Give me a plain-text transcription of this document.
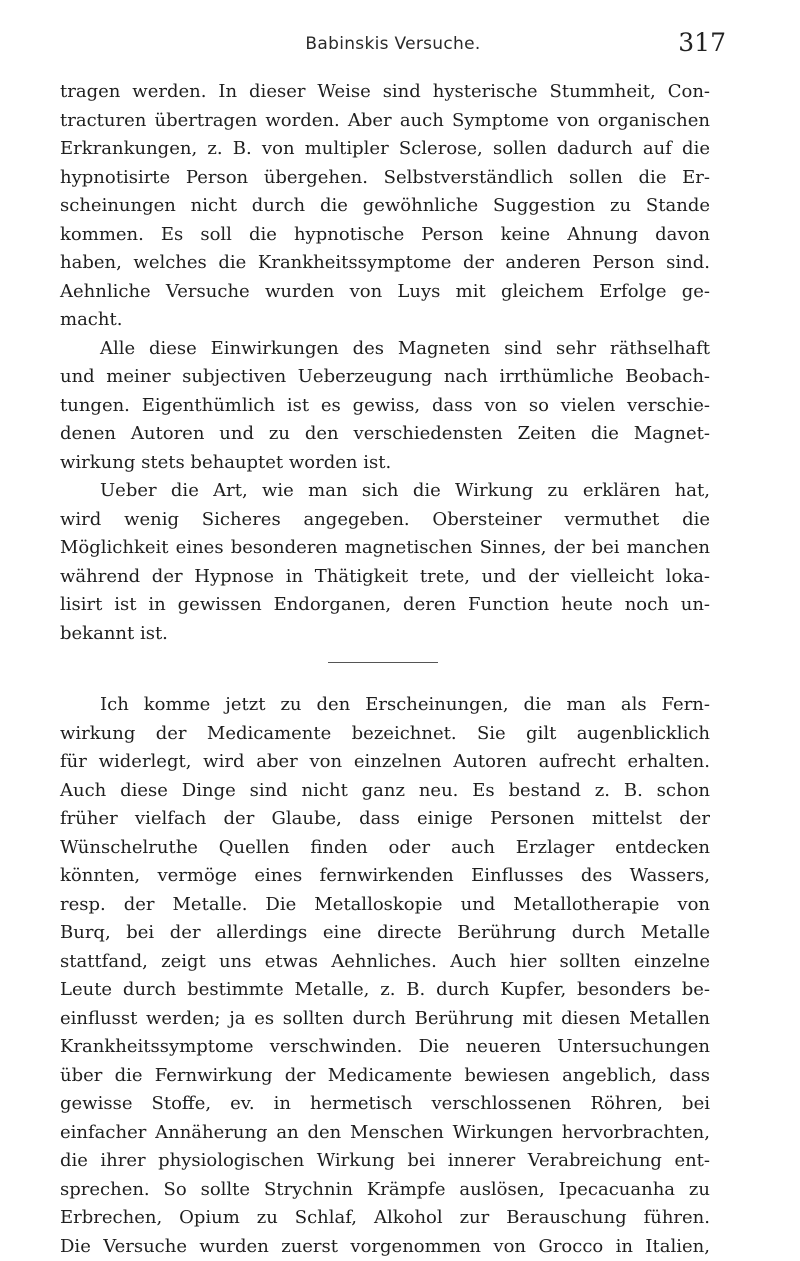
Babinskis Versuche.	317
tragen werden. In dieser Weise sind hysterische Stummheit, Con-
tracturen übertragen worden. Aber auch Symptome von organischen
Erkrankungen, z. B. von multipler Sclerose, sollen dadurch auf die
hypnotisirte Person übergehen. Selbstverständlich sollen die Er-
scheinungen nicht durch die gewöhnliche Suggestion zu Stande
kommen. Es soll die hypnotische Person keine Ahnung davon
haben, welches die Krankheitssymptome der anderen Person sind.
Aehnliche Versuche wurden von Luys mit gleichem Erfolge ge-
macht.
Alle diese Einwirkungen des Magneten sind sehr räthselhaft
und meiner subjectiven Ueberzeugung nach irrthümliche Beobach-
tungen. Eigenthümlich ist es gewiss, dass von so vielen verschie-
denen Autoren und zu den verschiedensten Zeiten die Magnet-
wirkung stets behauptet worden ist.
Ueber die Art, wie man sich die Wirkung zu erklären hat,
wird wenig Sicheres angegeben. Obersteiner vermuthet die
Möglichkeit eines besonderen magnetischen Sinnes, der bei manchen
während der Hypnose in Thätigkeit trete, und der vielleicht loka-
lisirt ist in gewissen Endorganen, deren Function heute noch un-
bekannt ist.
Ich komme jetzt zu den Erscheinungen, die man als Fern-
wirkung der Medicamente bezeichnet. Sie gilt augenblicklich
für widerlegt, wird aber von einzelnen Autoren aufrecht erhalten.
Auch diese Dinge sind nicht ganz neu. Es bestand z. B. schon
früher vielfach der Glaube, dass einige Personen mittelst der
Wünschelruthe Quellen finden oder auch Erzlager entdecken
könnten, vermöge eines fernwirkenden Einflusses des Wassers,
resp. der Metalle. Die Metalloskopie und Metallotherapie von
Burq, bei der allerdings eine directe Berührung durch Metalle
stattfand, zeigt uns etwas Aehnliches. Auch hier sollten einzelne
Leute durch bestimmte Metalle, z. B. durch Kupfer, besonders be-
einflusst werden; ja es sollten durch Berührung mit diesen Metallen
Krankheitssymptome verschwinden. Die neueren Untersuchungen
über die Fernwirkung der Medicamente bewiesen angeblich, dass
gewisse Stoffe, ev. in hermetisch verschlossenen Röhren, bei
einfacher Annäherung an den Menschen Wirkungen hervorbrachten,
die ihrer physiologischen Wirkung bei innerer Verabreichung ent-
sprechen. So sollte Strychnin Krämpfe auslösen, Ipecacuanha zu
Erbrechen, Opium zu Schlaf, Alkohol zur Berauschung führen.
Die Versuche wurden zuerst vorgenommen von Grocco in Italien,
